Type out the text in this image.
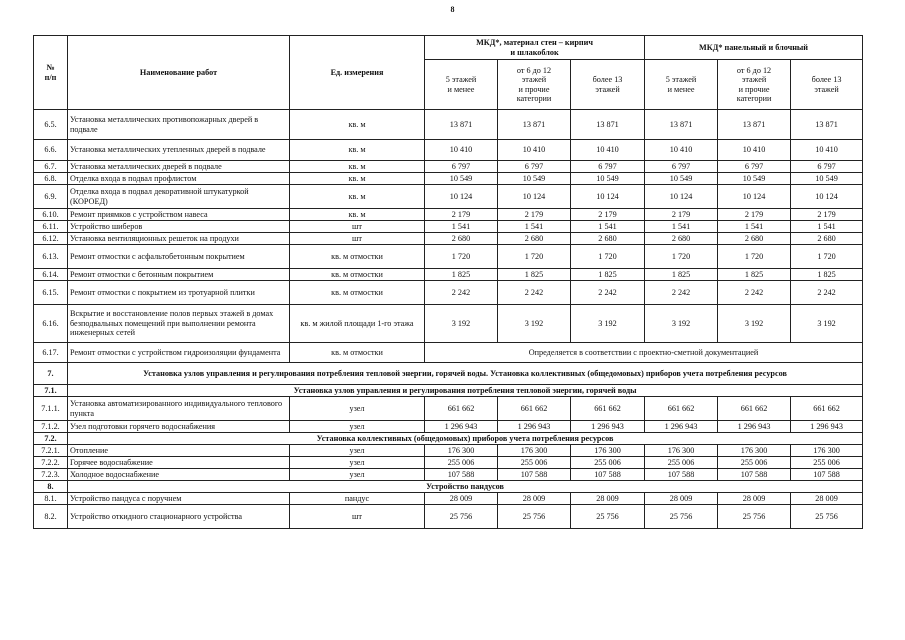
8
№
п/п	Наименование работ	Ед. измерения	МКД*, материал стен – кирпич
и шлакоблок			МКД* панельный и блочный		
			5 этажей
и менее	от 6 до 12
этажей
и прочие
категории	более 13
этажей	5 этажей
и менее	от 6 до 12
этажей
и прочие
категории	более 13
этажей
6.5.	Установка металлических противопожарных дверей в подвале	кв. м	13 871	13 871	13 871	13 871	13 871	13 871
6.6.	Установка металлических утепленных дверей в подвале	кв. м	10 410	10 410	10 410	10 410	10 410	10 410
6.7.	Установка металлических дверей в подвале	кв. м	6 797	6 797	6 797	6 797	6 797	6 797
6.8.	Отделка входа в подвал профлистом	кв. м	10 549	10 549	10 549	10 549	10 549	10 549
6.9.	Отделка входа в подвал декоративной штукатуркой (КОРОЕД)	кв. м	10 124	10 124	10 124	10 124	10 124	10 124
6.10.	Ремонт приямков с устройством навеса	кв. м	2 179	2 179	2 179	2 179	2 179	2 179
6.11.	Устройство шиберов	шт	1 541	1 541	1 541	1 541	1 541	1 541
6.12.	Установка вентиляционных решеток на продухи	шт	2 680	2 680	2 680	2 680	2 680	2 680
6.13.	Ремонт отмостки с асфальтобетонным покрытием	кв. м отмостки	1 720	1 720	1 720	1 720	1 720	1 720
6.14.	Ремонт отмостки с бетонным покрытием	кв. м отмостки	1 825	1 825	1 825	1 825	1 825	1 825
6.15.	Ремонт отмостки с покрытием из тротуарной плитки	кв. м отмостки	2 242	2 242	2 242	2 242	2 242	2 242
6.16.	Вскрытие и восстановление полов первых этажей в домах безподвальных помещений при выполнении ремонта инженерных сетей	кв. м жилой площади 1-го этажа	3 192	3 192	3 192	3 192	3 192	3 192
6.17.	Ремонт отмостки с устройством гидроизоляции фундамента	кв. м отмостки	Определяется в соответствии с проектно-сметной документацией					
7.	Установка узлов управления и регулирования потребления тепловой энергии, горячей воды. Установка коллективных (общедомовых) приборов учета потребления ресурсов							
7.1.	Установка узлов управления и регулирования потребления тепловой энергии, горячей воды							
7.1.1.	Установка автоматизированного индивидуального теплового пункта	узел	661 662	661 662	661 662	661 662	661 662	661 662
7.1.2.	Узел подготовки горячего водоснабжения	узел	1 296 943	1 296 943	1 296 943	1 296 943	1 296 943	1 296 943
7.2.	Установка коллективных (общедомовых) приборов учета потребления ресурсов							
7.2.1.	Отопление	узел	176 300	176 300	176 300	176 300	176 300	176 300
7.2.2.	Горячее водоснабжение	узел	255 006	255 006	255 006	255 006	255 006	255 006
7.2.3.	Холодное водоснабжение	узел	107 588	107 588	107 588	107 588	107 588	107 588
8.	Устройство пандусов							
8.1.	Устройство пандуса с поручнем	пандус	28 009	28 009	28 009	28 009	28 009	28 009
8.2.	Устройство откидного стационарного устройства	шт	25 756	25 756	25 756	25 756	25 756	25 756
